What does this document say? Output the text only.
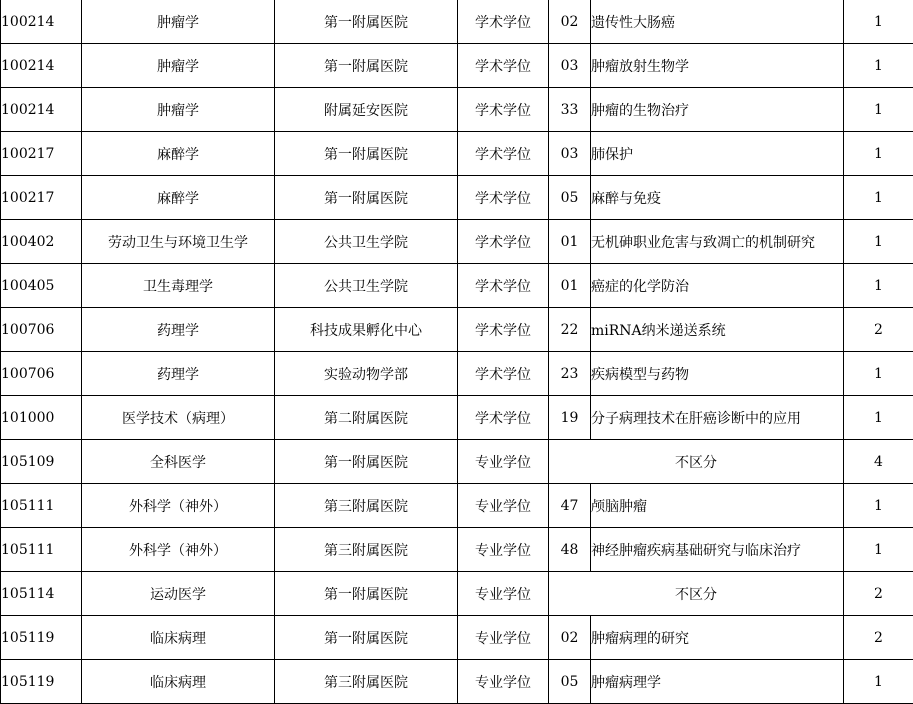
100214	肿瘤学	第一附属医院	学术学位	02	遗传性大肠癌	1
100214	肿瘤学	第一附属医院	学术学位	03	肿瘤放射生物学	1
100214	肿瘤学	附属延安医院	学术学位	33	肿瘤的生物治疗	1
100217	麻醉学	第一附属医院	学术学位	03	肺保护	1
100217	麻醉学	第一附属医院	学术学位	05	麻醉与免疫	1
100402	劳动卫生与环境卫生学	公共卫生学院	学术学位	01	无机砷职业危害与致凋亡的机制研究	1
100405	卫生毒理学	公共卫生学院	学术学位	01	癌症的化学防治	1
100706	药理学	科技成果孵化中心	学术学位	22	miRNA纳米递送系统	2
100706	药理学	实验动物学部	学术学位	23	疾病模型与药物	1
101000	医学技术（病理）	第二附属医院	学术学位	19	分子病理技术在肝癌诊断中的应用	1
105109	全科医学	第一附属医院	专业学位	不区分		4
105111	外科学（神外）	第三附属医院	专业学位	47	颅脑肿瘤	1
105111	外科学（神外）	第三附属医院	专业学位	48	神经肿瘤疾病基础研究与临床治疗	1
105114	运动医学	第一附属医院	专业学位	不区分		2
105119	临床病理	第一附属医院	专业学位	02	肿瘤病理的研究	2
105119	临床病理	第三附属医院	专业学位	05	肿瘤病理学	1
